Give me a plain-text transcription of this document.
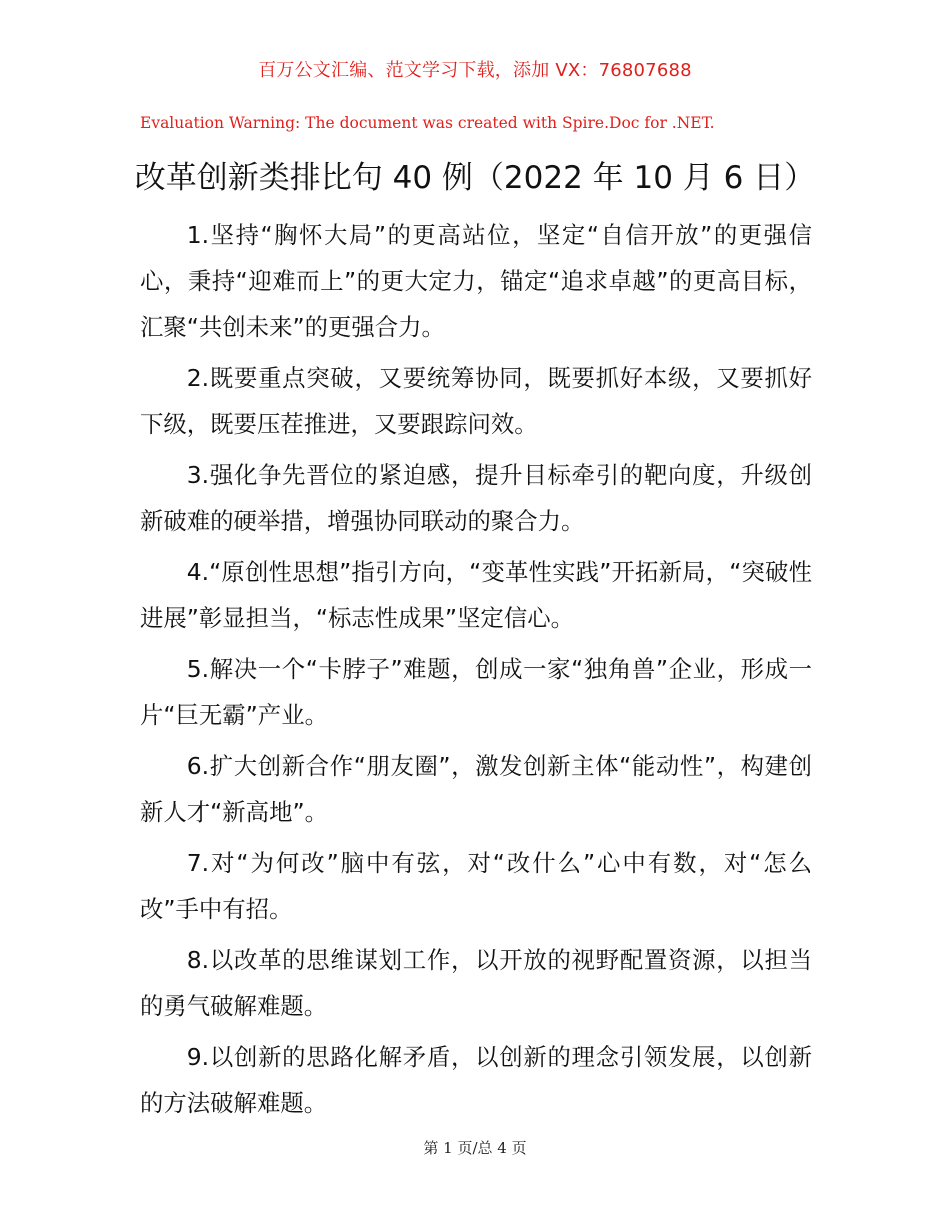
百万公文汇编、范文学习下载，添加 VX：76807688
Evaluation Warning: The document was created with Spire.Doc for .NET.
改革创新类排比句 40 例（2022 年 10 月 6 日）

1.坚持“胸怀大局”的更高站位，坚定“自信开放”的更强信心，秉持“迎难而上”的更大定力，锚定“追求卓越”的更高目标，汇聚“共创未来”的更强合力。

2.既要重点突破，又要统筹协同，既要抓好本级，又要抓好下级，既要压茬推进，又要跟踪问效。

3.强化争先晋位的紧迫感，提升目标牵引的靶向度，升级创新破难的硬举措，增强协同联动的聚合力。

4.“原创性思想”指引方向，“变革性实践”开拓新局，“突破性进展”彰显担当，“标志性成果”坚定信心。

5.解决一个“卡脖子”难题，创成一家“独角兽”企业，形成一片“巨无霸”产业。

6.扩大创新合作“朋友圈”，激发创新主体“能动性”，构建创新人才“新高地”。

7.对“为何改”脑中有弦，对“改什么”心中有数，对“怎么改”手中有招。

8.以改革的思维谋划工作，以开放的视野配置资源，以担当的勇气破解难题。

9.以创新的思路化解矛盾，以创新的理念引领发展，以创新的方法破解难题。

第 1 页/总 4 页
